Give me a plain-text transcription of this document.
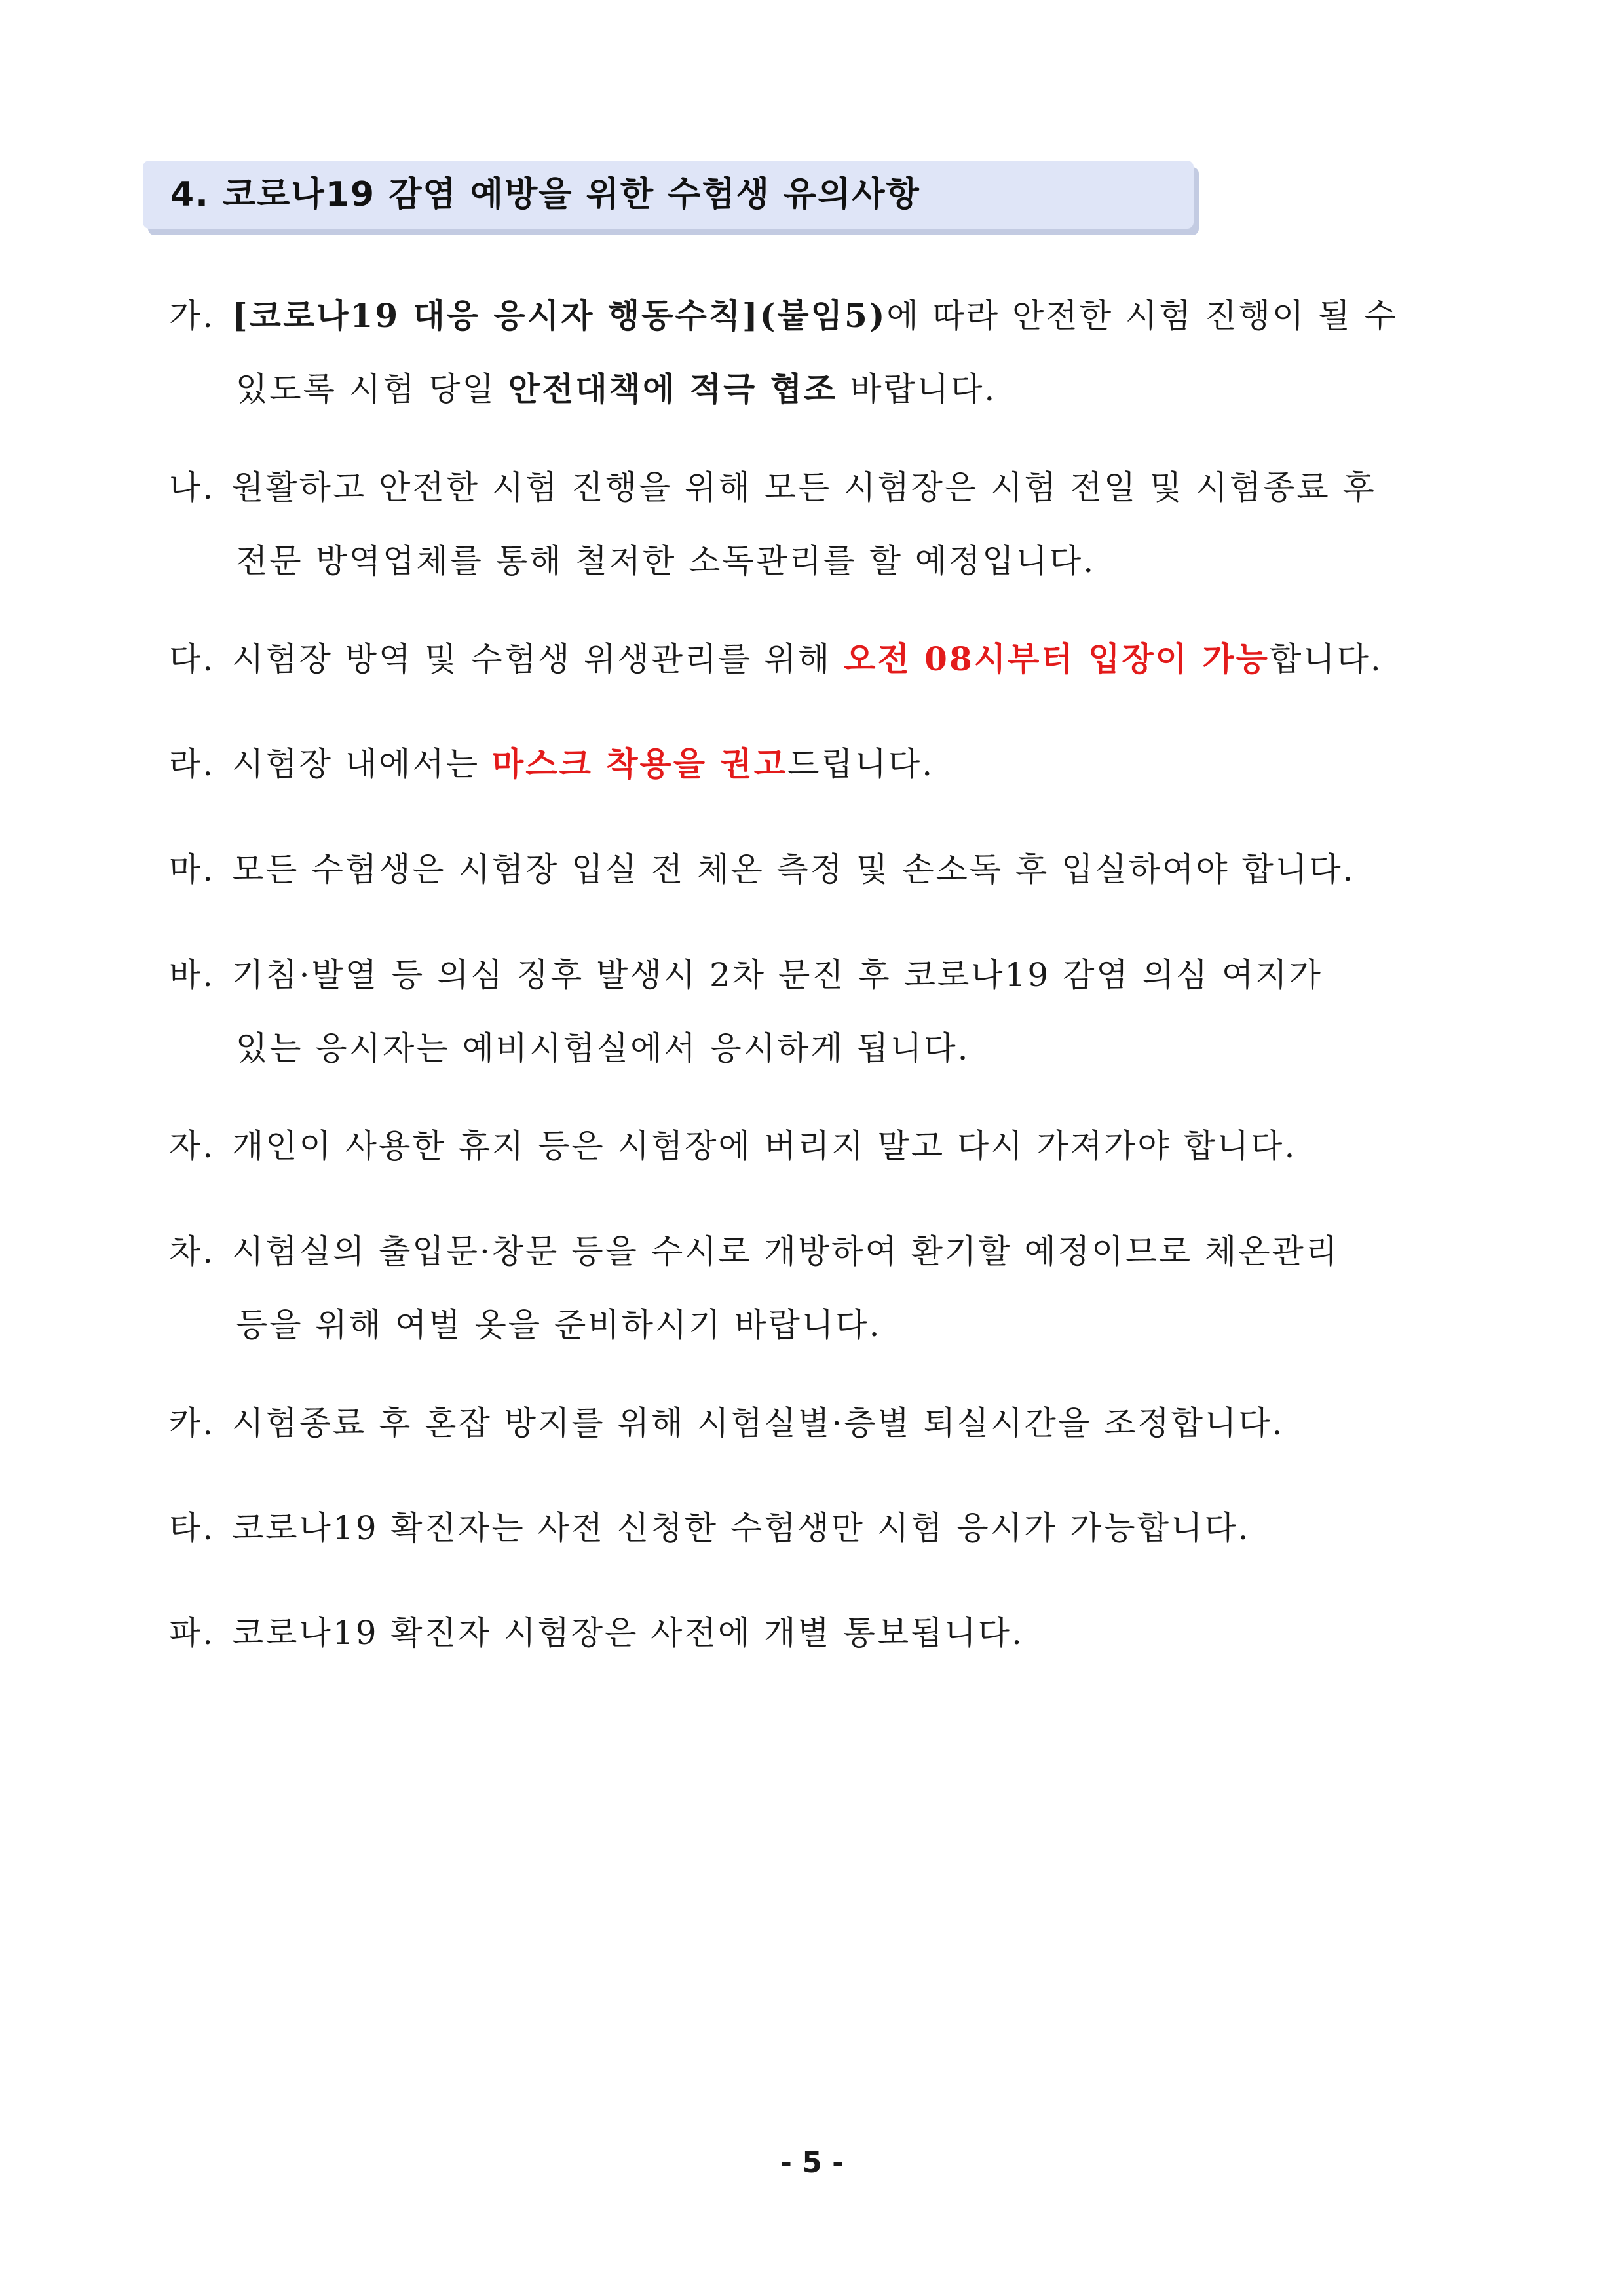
4. 코로나19 감염 예방을 위한 수험생 유의사항
가. [코로나19 대응 응시자 행동수칙](붙임5)에 따라 안전한 시험 진행이 될 수
있도록 시험 당일 안전대책에 적극 협조 바랍니다.
나. 원활하고 안전한 시험 진행을 위해 모든 시험장은 시험 전일 및 시험종료 후
전문 방역업체를 통해 철저한 소독관리를 할 예정입니다.
다. 시험장 방역 및 수험생 위생관리를 위해 오전 08시부터 입장이 가능합니다.
라. 시험장 내에서는 마스크 착용을 권고드립니다.
마. 모든 수험생은 시험장 입실 전 체온 측정 및 손소독 후 입실하여야 합니다.
바. 기침·발열 등 의심 징후 발생시 2차 문진 후 코로나19 감염 의심 여지가
있는 응시자는 예비시험실에서 응시하게 됩니다.
자. 개인이 사용한 휴지 등은 시험장에 버리지 말고 다시 가져가야 합니다.
차. 시험실의 출입문·창문 등을 수시로 개방하여 환기할 예정이므로 체온관리
등을 위해 여벌 옷을 준비하시기 바랍니다.
카. 시험종료 후 혼잡 방지를 위해 시험실별·층별 퇴실시간을 조정합니다.
타. 코로나19 확진자는 사전 신청한 수험생만 시험 응시가 가능합니다.
파. 코로나19 확진자 시험장은 사전에 개별 통보됩니다.
- 5 -
